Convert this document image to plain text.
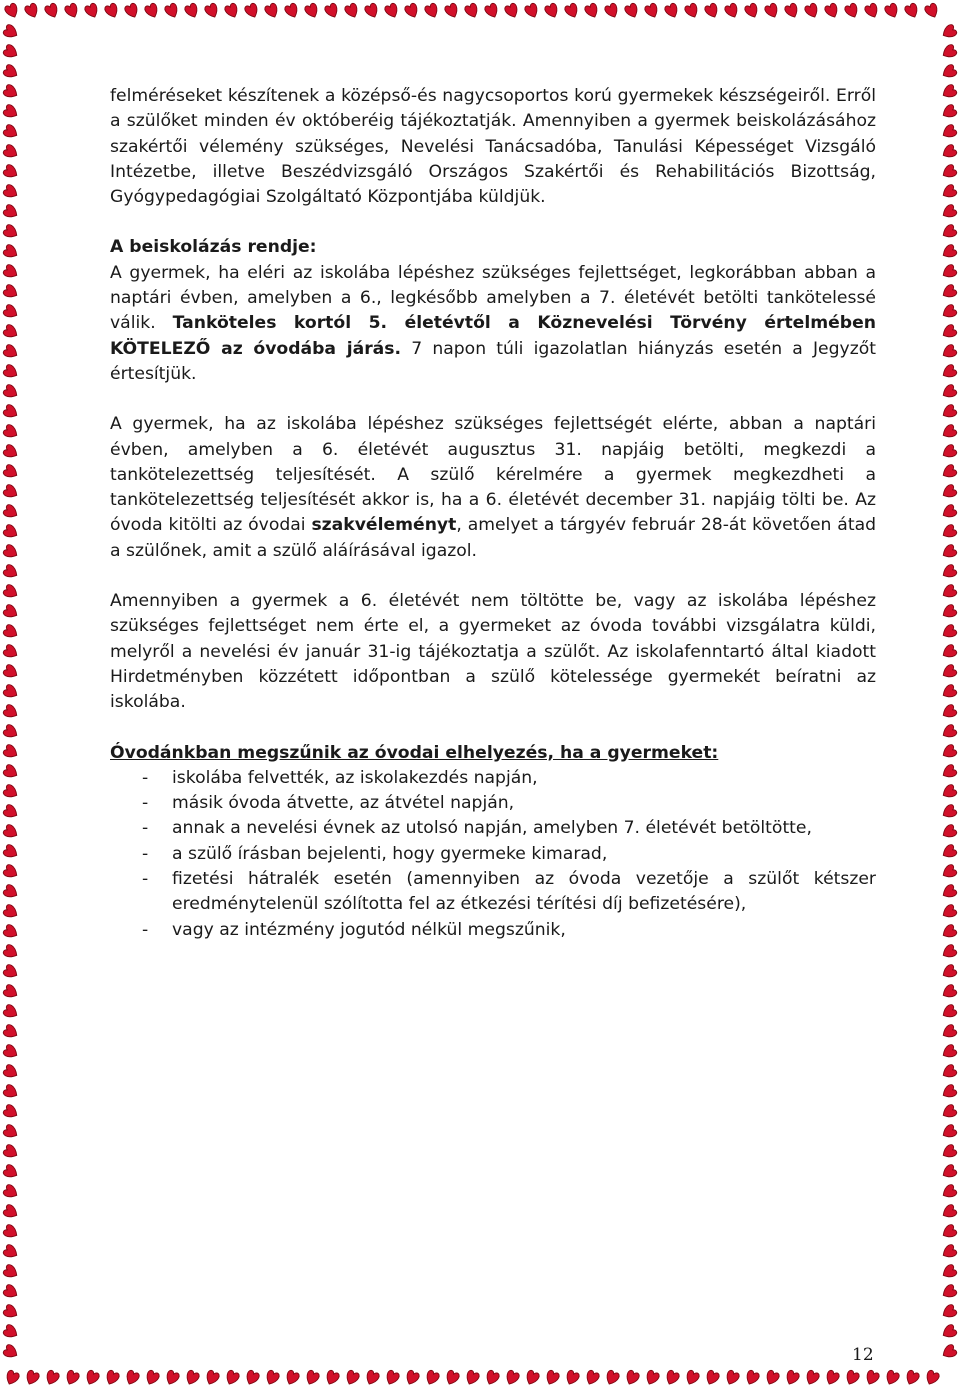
felméréseket készítenek a középső-és nagycsoportos korú gyermekek készségeiről. Erről a szülőket minden év októberéig tájékoztatják. Amennyiben a gyermek beiskolázásához szakértői vélemény szükséges, Nevelési Tanácsadóba, Tanulási Képességet Vizsgáló Intézetbe, illetve Beszédvizsgáló Országos Szakértői és Rehabilitációs Bizottság, Gyógypedagógiai Szolgáltató Központjába küldjük.

A beiskolázás rendje:

A gyermek, ha eléri az iskolába lépéshez szükséges fejlettséget, legkorábban abban a naptári évben, amelyben a 6., legkésőbb amelyben a 7. életévét betölti tankötelessé válik. Tanköteles kortól 5. életévtől a Köznevelési Törvény értelmében KÖTELEZŐ az óvodába járás. 7 napon túli igazolatlan hiányzás esetén a Jegyzőt értesítjük.

A gyermek, ha az iskolába lépéshez szükséges fejlettségét elérte, abban a naptári évben, amelyben a 6. életévét augusztus 31. napjáig betölti, megkezdi a tankötelezettség teljesítését. A szülő kérelmére a gyermek megkezdheti a tankötelezettség teljesítését akkor is, ha a 6. életévét december 31. napjáig tölti be. Az óvoda kitölti az óvodai szakvéleményt, amelyet a tárgyév február 28-át követően átad a szülőnek, amit a szülő aláírásával igazol.

Amennyiben a gyermek a 6. életévét nem töltötte be, vagy az iskolába lépéshez szükséges fejlettséget nem érte el, a gyermeket az óvoda további vizsgálatra küldi, melyről a nevelési év január 31-ig tájékoztatja a szülőt. Az iskolafenntartó által kiadott Hirdetményben közzétett időpontban a szülő kötelessége gyermekét beíratni az iskolába.

Óvodánkban megszűnik az óvodai elhelyezés, ha a gyermeket:
- iskolába felvették, az iskolakezdés napján,
- másik óvoda átvette, az átvétel napján,
- annak a nevelési évnek az utolsó napján, amelyben 7. életévét betöltötte,
- a szülő írásban bejelenti, hogy gyermeke kimarad,
- fizetési hátralék esetén (amennyiben az óvoda vezetője a szülőt kétszer eredménytelenül szólította fel az étkezési térítési díj befizetésére),
- vagy az intézmény jogutód nélkül megszűnik,
12
